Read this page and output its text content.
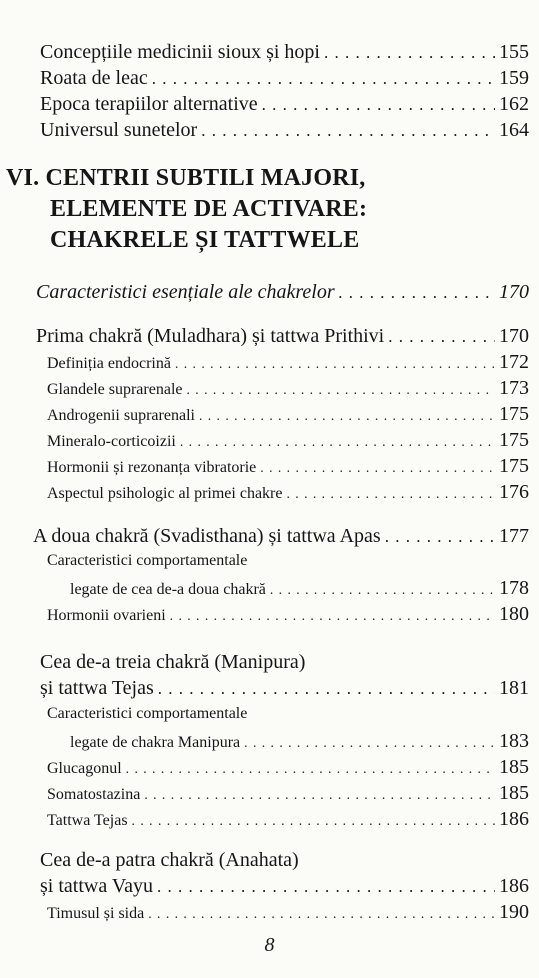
Concepțiile medicinii sioux și hopi . . .	155
Roata de leac . . .	159
Epoca terapiilor alternative . . .	162
Universul sunetelor . . .	164
VI. CENTRII SUBTILI MAJORI,
ELEMENTE DE ACTIVARE:
CHAKRELE ȘI TATTWELE
Caracteristici esențiale ale chakrelor . . .	170
Prima chakră (Muladhara) și tattwa Prithivi . . .	170
Definiția endocrină . . .	172
Glandele suprarenale . . .	173
Androgenii suprarenali . . .	175
Mineralo-corticoizii . . .	175
Hormonii și rezonanța vibratorie . . .	175
Aspectul psihologic al primei chakre . . .	176
A doua chakră (Svadisthana) și tattwa Apas . . .	177
Caracteristici comportamentale
legate de cea de-a doua chakră . . .	178
Hormonii ovarieni . . .	180
Cea de-a treia chakră (Manipura)
și tattwa Tejas . . .	181
Caracteristici comportamentale
legate de chakra Manipura . . .	183
Glucagonul . . .	185
Somatostazina . . .	185
Tattwa Tejas . . .	186
Cea de-a patra chakră (Anahata)
și tattwa Vayu . . .	186
Timusul și sida . . .	190
8
